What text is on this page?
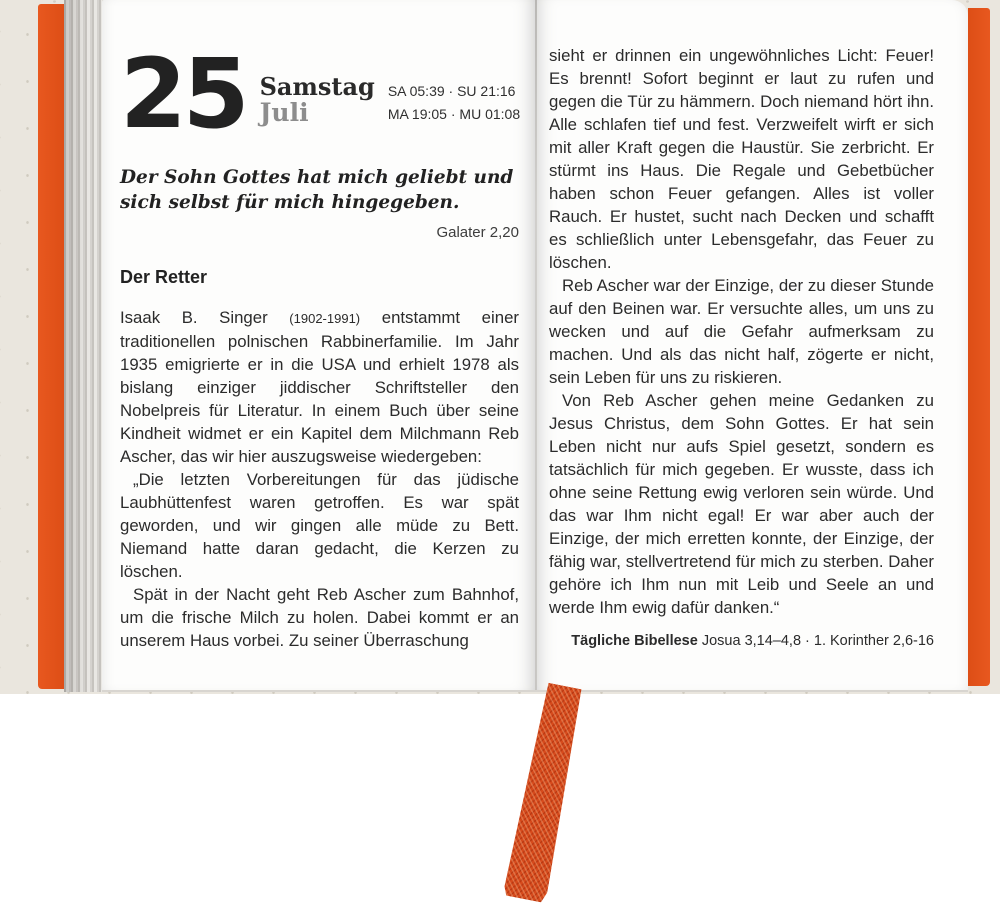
25 Samstag
Juli
SA 05:39 · SU 21:16
MA 19:05 · MU 01:08
Der Sohn Gottes hat mich geliebt und sich selbst für mich hingegeben.
Galater 2,20
Der Retter

Isaak B. Singer (1902-1991) entstammt einer traditionellen polnischen Rabbinerfamilie. Im Jahr 1935 emigrierte er in die USA und erhielt 1978 als bislang einziger jiddischer Schriftsteller den Nobelpreis für Literatur. In einem Buch über seine Kindheit widmet er ein Kapitel dem Milchmann Reb Ascher, das wir hier auszugsweise wiedergeben:

„Die letzten Vorbereitungen für das jüdische Laubhüttenfest waren getroffen. Es war spät geworden, und wir gingen alle müde zu Bett. Niemand hatte daran gedacht, die Kerzen zu löschen.

Spät in der Nacht geht Reb Ascher zum Bahnhof, um die frische Milch zu holen. Dabei kommt er an unserem Haus vorbei. Zu seiner Überraschung

sieht er drinnen ein ungewöhnliches Licht: Feuer! Es brennt! Sofort beginnt er laut zu rufen und gegen die Tür zu hämmern. Doch niemand hört ihn. Alle schlafen tief und fest. Verzweifelt wirft er sich mit aller Kraft gegen die Haustür. Sie zerbricht. Er stürmt ins Haus. Die Regale und Gebetbücher haben schon Feuer gefangen. Alles ist voller Rauch. Er hustet, sucht nach Decken und schafft es schließlich unter Lebensgefahr, das Feuer zu löschen.

Reb Ascher war der Einzige, der zu dieser Stunde auf den Beinen war. Er versuchte alles, um uns zu wecken und auf die Gefahr aufmerksam zu machen. Und als das nicht half, zögerte er nicht, sein Leben für uns zu riskieren.

Von Reb Ascher gehen meine Gedanken zu Jesus Christus, dem Sohn Gottes. Er hat sein Leben nicht nur aufs Spiel gesetzt, sondern es tatsächlich für mich gegeben. Er wusste, dass ich ohne seine Rettung ewig verloren sein würde. Und das war Ihm nicht egal! Er war aber auch der Einzige, der mich erretten konnte, der Einzige, der fähig war, stellvertretend für mich zu sterben. Daher gehöre ich Ihm nun mit Leib und Seele an und werde Ihm ewig dafür danken.“

Tägliche Bibellese Josua 3,14–4,8 · 1. Korinther 2,6-16
